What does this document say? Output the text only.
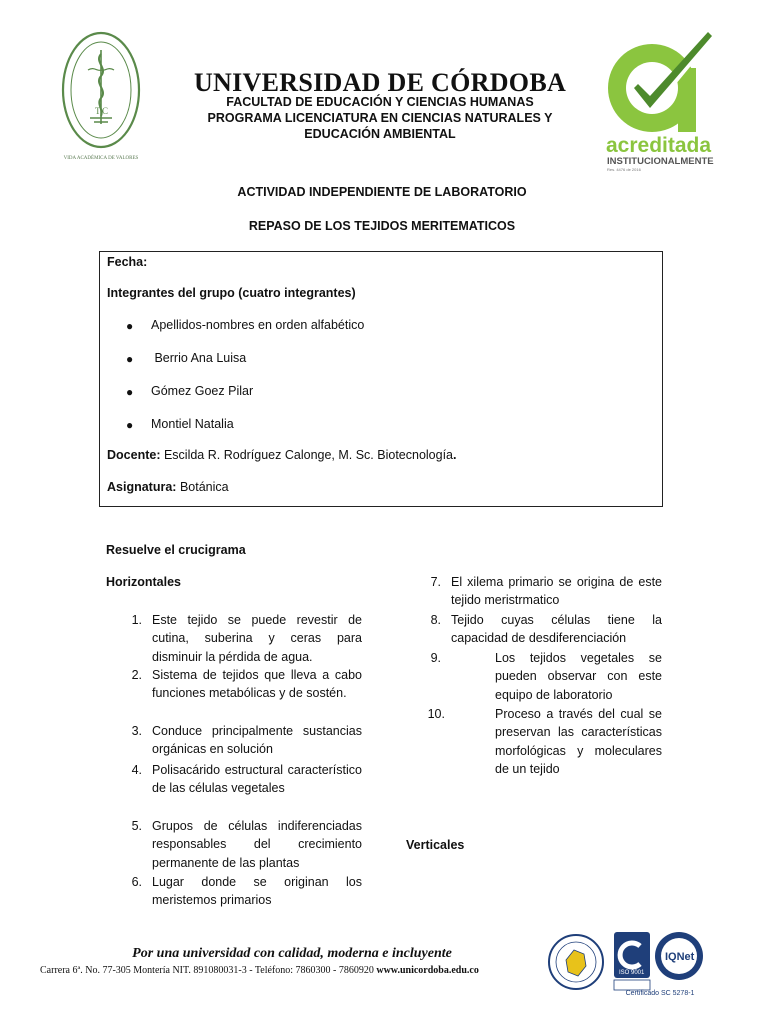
T C
VIDA ACADÉMICA DE VALORES
UNIVERSIDAD DE CÓRDOBA
FACULTAD DE EDUCACIÓN Y CIENCIAS HUMANAS
PROGRAMA LICENCIATURA EN CIENCIAS NATURALES Y
EDUCACIÓN AMBIENTAL	acreditada
INSTITUCIONALMENTE
Res. 4476 de 2016
ACTIVIDAD INDEPENDIENTE DE LABORATORIO
REPASO DE LOS TEJIDOS MERITEMATICOS
Fecha:
Integrantes del grupo (cuatro integrantes)
● Apellidos-nombres en orden alfabético
● Berrio Ana Luisa
● Gómez Goez Pilar
● Montiel Natalia
Docente: Escilda R. Rodríguez Calonge, M. Sc. Biotecnología.
Asignatura: Botánica
Resuelve el crucigrama
Horizontales
1. Este tejido se puede revestir de cutina, suberina y ceras para disminuir la pérdida de agua.
2. Sistema de tejidos que lleva a cabo funciones metabólicas y de sostén.
3. Conduce principalmente sustancias orgánicas en solución
4. Polisacárido estructural característico de las células vegetales
5. Grupos de células indiferenciadas responsables del crecimiento permanente de las plantas
6. Lugar donde se originan los meristemos primarios
7. El xilema primario se origina de este tejido meristrmatico
8. Tejido cuyas células tiene la capacidad de desdiferenciación
9.	Los tejidos vegetales se pueden observar con este equipo de laboratorio
10.	Proceso a través del cual se preservan las características morfológicas y moleculares de un tejido
Verticales
Por una universidad con calidad, moderna e incluyente
Carrera 6ª. No. 77-305 Montería NIT. 891080031-3 - Teléfono: 7860300 - 7860920 www.unicordoba.edu.co	ISO 9001
IQNet
Certificado SC 5278-1
